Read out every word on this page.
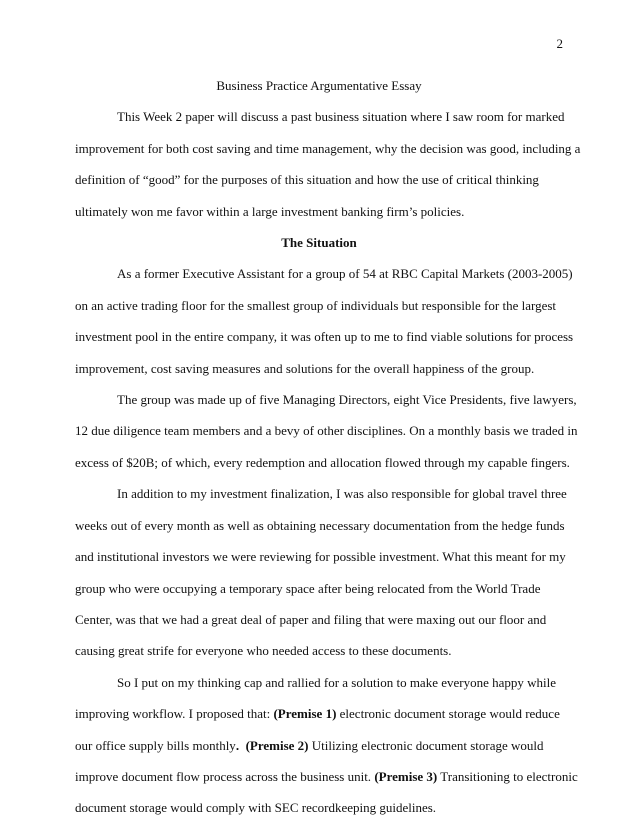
2
Business Practice Argumentative Essay
This Week 2 paper will discuss a past business situation where I saw room for marked
improvement for both cost saving and time management, why the decision was good, including a
definition of “good” for the purposes of this situation and how the use of critical thinking
ultimately won me favor within a large investment banking firm’s policies.
The Situation
As a former Executive Assistant for a group of 54 at RBC Capital Markets (2003-2005)
on an active trading floor for the smallest group of individuals but responsible for the largest
investment pool in the entire company, it was often up to me to find viable solutions for process
improvement, cost saving measures and solutions for the overall happiness of the group.
The group was made up of five Managing Directors, eight Vice Presidents, five lawyers,
12 due diligence team members and a bevy of other disciplines. On a monthly basis we traded in
excess of $20B; of which, every redemption and allocation flowed through my capable fingers.
In addition to my investment finalization, I was also responsible for global travel three
weeks out of every month as well as obtaining necessary documentation from the hedge funds
and institutional investors we were reviewing for possible investment. What this meant for my
group who were occupying a temporary space after being relocated from the World Trade
Center, was that we had a great deal of paper and filing that were maxing out our floor and
causing great strife for everyone who needed access to these documents.
So I put on my thinking cap and rallied for a solution to make everyone happy while
improving workflow. I proposed that: (Premise 1) electronic document storage would reduce
our office supply bills monthly. (Premise 2) Utilizing electronic document storage would
improve document flow process across the business unit. (Premise 3) Transitioning to electronic
document storage would comply with SEC recordkeeping guidelines.
